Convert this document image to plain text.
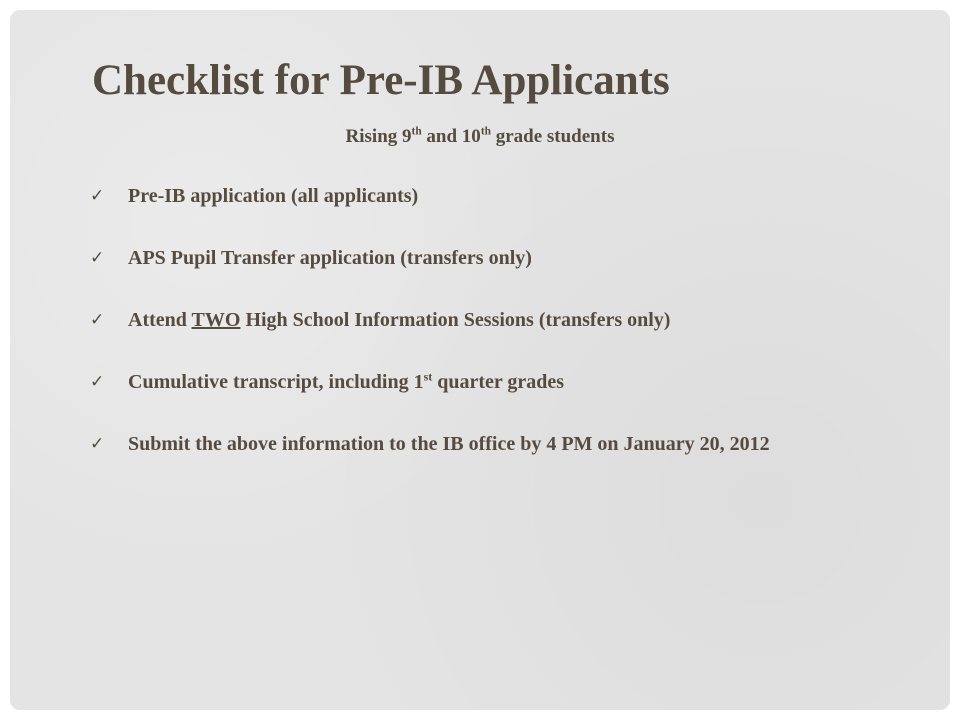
Checklist for Pre-IB Applicants

Rising 9th and 10th grade students

✓ Pre-IB application (all applicants)
✓ APS Pupil Transfer application (transfers only)
✓ Attend TWO High School Information Sessions (transfers only)
✓ Cumulative transcript, including 1st quarter grades
✓ Submit the above information to the IB office by 4 PM on January 20, 2012
